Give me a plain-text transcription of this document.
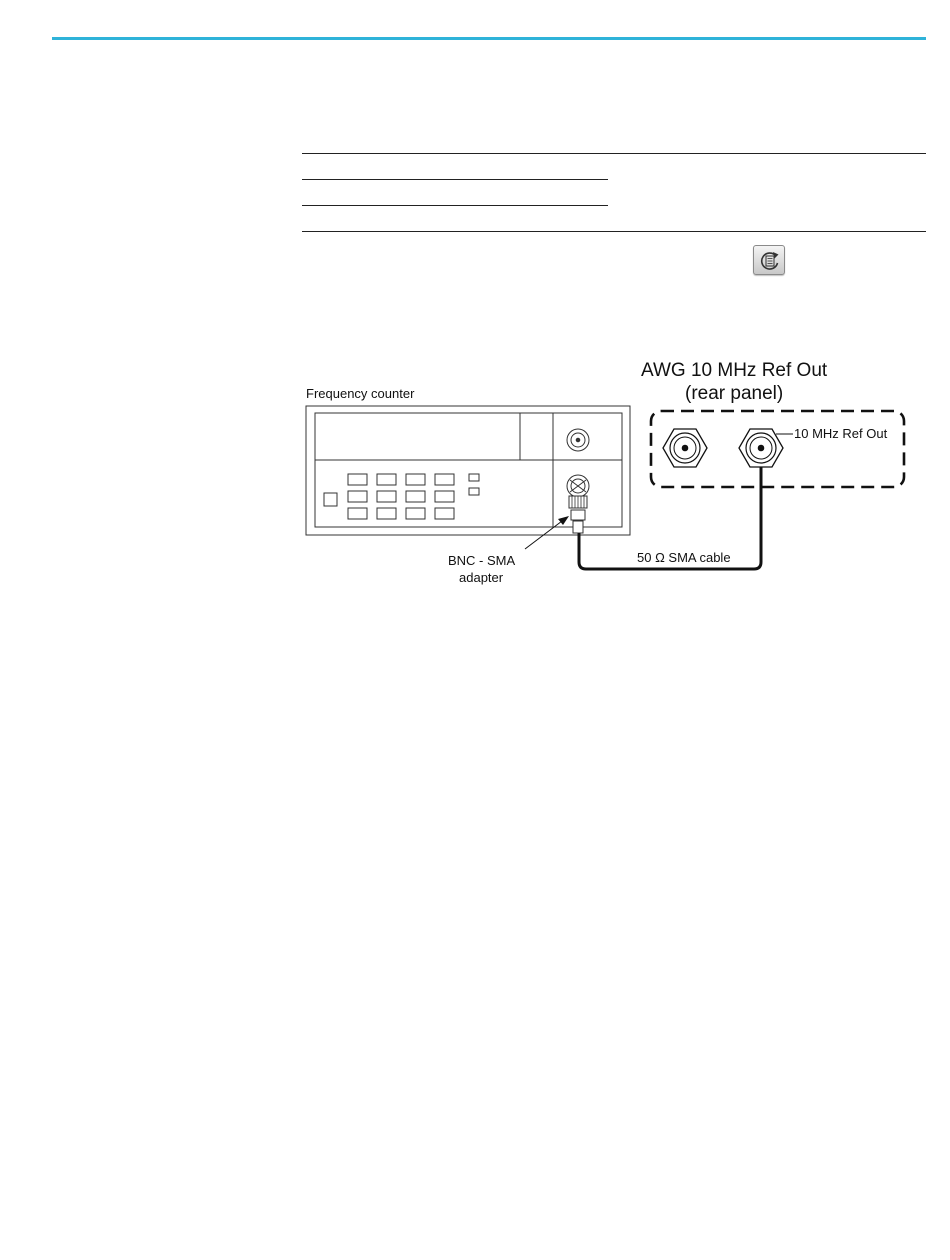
AWG 10 MHz Ref Out
(rear panel)
Frequency counter
10 MHz Ref Out
BNC - SMA
adapter
50 Ω SMA cable
